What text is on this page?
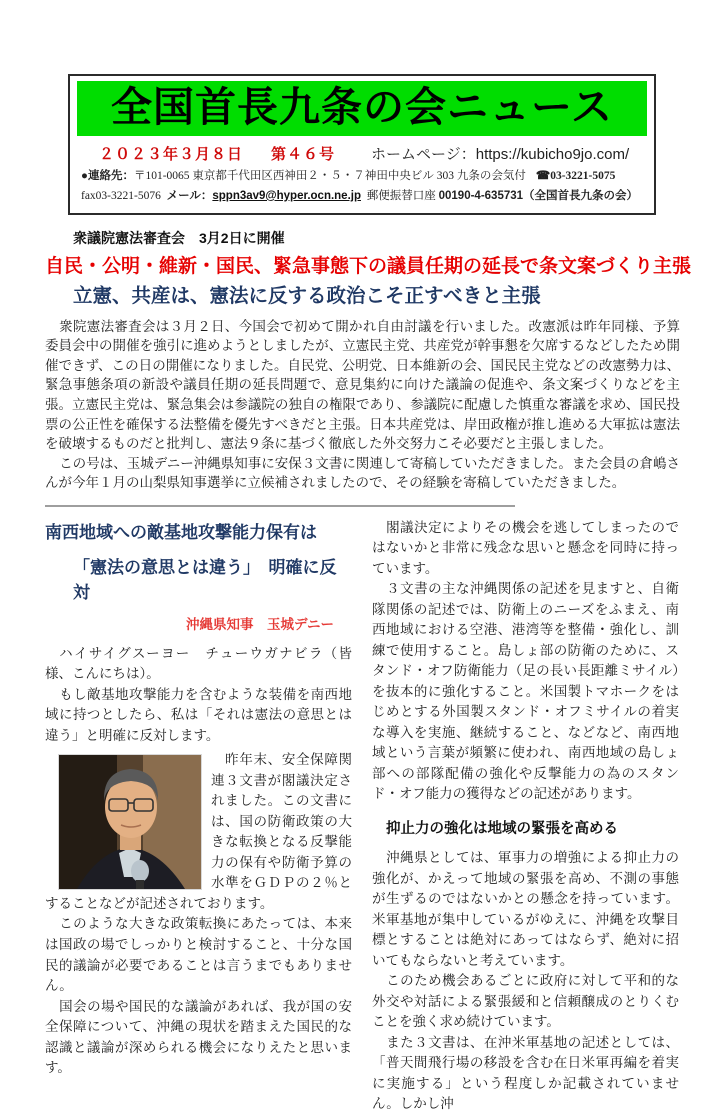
全国首長九条の会ニュース
２０２３年３月８日 第４６号 ホームページ：https://kubicho9jo.com/
●連絡先：〒101-0065 東京都千代田区西神田２・５・７神田中央ビル 303 九条の会気付 ☎03-3221-5075
fax03-3221-5076 メール：sppn3av9@hyper.ocn.ne.jp 郵便振替口座 00190-4-635731（全国首長九条の会）
衆議院憲法審査会　3月2日に開催
自民・公明・維新・国民、緊急事態下の議員任期の延長で条文案づくり主張
立憲、共産は、憲法に反する政治こそ正すべきと主張

衆院憲法審査会は３月２日、今国会で初めて開かれ自由討議を行いました。改憲派は昨年同様、予算委員会中の開催を強引に進めようとしましたが、立憲民主党、共産党が幹事懇を欠席するなどしたため開催できず、この日の開催になりました。自民党、公明党、日本維新の会、国民民主党などの改憲勢力は、緊急事態条項の新設や議員任期の延長問題で、意見集約に向けた議論の促進や、条文案づくりなどを主張。立憲民主党は、緊急集会は参議院の独自の権限であり、参議院に配慮した慎重な審議を求め、国民投票の公正性を確保する法整備を優先すべきだと主張。日本共産党は、岸田政権が推し進める大軍拡は憲法を破壊するものだと批判し、憲法９条に基づく徹底した外交努力こそ必要だと主張しました。

この号は、玉城デニー沖縄県知事に安保３文書に関連して寄稿していただきました。また会員の倉嶋さんが今年１月の山梨県知事選挙に立候補されましたので、その経験を寄稿していただきました。

南西地域への敵基地攻撃能力保有は
「憲法の意思とは違う」　明確に反対
沖縄県知事　玉城デニー

ハイサイグスーヨー　チューウガナビラ（皆様、こんにちは）。

もし敵基地攻撃能力を含むような装備を南西地域に持つとしたら、私は「それは憲法の意思とは違う」と明確に反対します。

昨年末、安全保障関連３文書が閣議決定されました。この文書には、国の防衛政策の大きな転換となる反撃能力の保有や防衛予算の水準をＧＤＰの２％とすることなどが記述されております。

このような大きな政策転換にあたっては、本来は国政の場でしっかりと検討すること、十分な国民的議論が必要であることは言うまでもありません。

国会の場や国民的な議論があれば、我が国の安全保障について、沖縄の現状を踏まえた国民的な認識と議論が深められる機会になりえたと思います。

閣議決定によりその機会を逃してしまったのではないかと非常に残念な思いと懸念を同時に持っています。

３文書の主な沖縄関係の記述を見ますと、自衛隊関係の記述では、防衛上のニーズをふまえ、南西地域における空港、港湾等を整備・強化し、訓練で使用すること。島しょ部の防衛のために、スタンド・オフ防衛能力（足の長い長距離ミサイル）を抜本的に強化すること。米国製トマホークをはじめとする外国製スタンド・オフミサイルの着実な導入を実施、継続すること、などなど、南西地域という言葉が頻繁に使われ、南西地域の島しょ部への部隊配備の強化や反撃能力の為のスタンド・オフ能力の獲得などの記述があります。

抑止力の強化は地域の緊張を高める

沖縄県としては、軍事力の増強による抑止力の強化が、かえって地域の緊張を高め、不測の事態が生ずるのではないかとの懸念を持っています。米軍基地が集中しているがゆえに、沖縄を攻撃目標とすることは絶対にあってはならず、絶対に招いてもならないと考えています。

このため機会あるごとに政府に対して平和的な外交や対話による緊張緩和と信頼醸成のとりくむことを強く求め続けています。

また３文書は、在沖米軍基地の記述としては、「普天間飛行場の移設を含む在日米軍再編を着実に実施する」という程度しか記載されていません。しかし沖
